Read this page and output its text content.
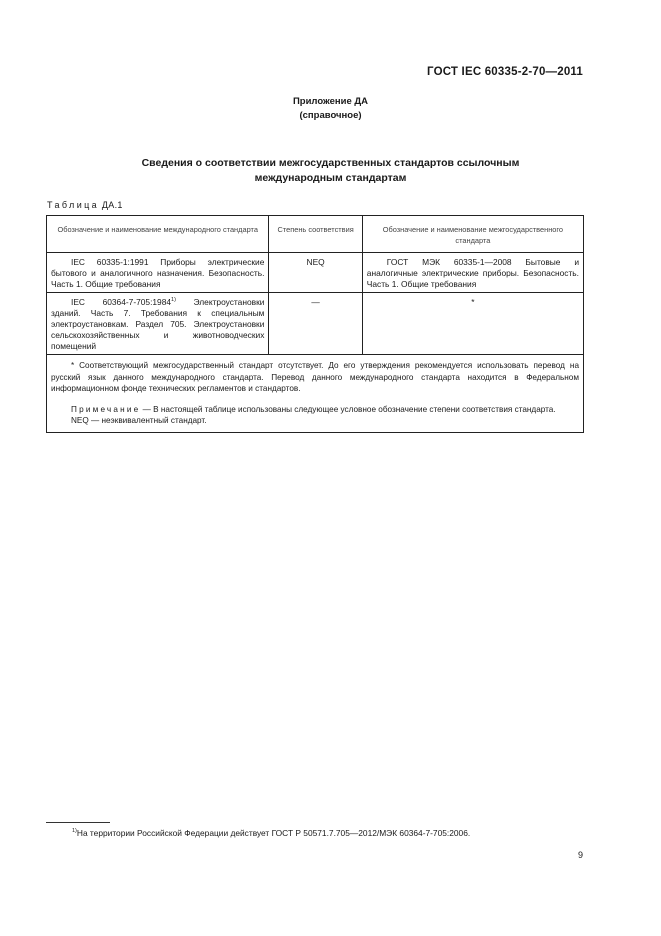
ГОСТ IEC 60335-2-70—2011
Приложение ДА
(справочное)
Сведения о соответствии межгосударственных стандартов ссылочным
международным стандартам
Таблица ДА.1
Обозначение и наименование международного стандарта	Степень соответствия	Обозначение и наименование межгосударственного стандарта
IEC 60335-1:1991 Приборы электрические бытового и аналогичного назначения. Безопасность. Часть 1. Общие требования	NEQ	ГОСТ МЭК 60335-1—2008 Бытовые и аналогичные электрические приборы. Безопасность. Часть 1. Общие требования
IEC 60364-7-705:1984$^{1)}$ Электроустановки зданий. Часть 7. Требования к специальным электроустановкам. Раздел 705. Электроустановки сельскохозяйственных и животноводческих помещений	—	*

* Соответствующий межгосударственный стандарт отсутствует. До его утверждения рекомендуется использовать перевод на русский язык данного международного стандарта. Перевод данного международного стандарта находится в Федеральном информационном фонде технических регламентов и стандартов.

Примечание — В настоящей таблице использованы следующее условное обозначение степени соответствия стандарта.

NEQ — неэквивалентный стандарт.		

$^{1)}$На территории Российской Федерации действует ГОСТ Р 50571.7.705—2012/МЭК 60364-7-705:2006.
9
